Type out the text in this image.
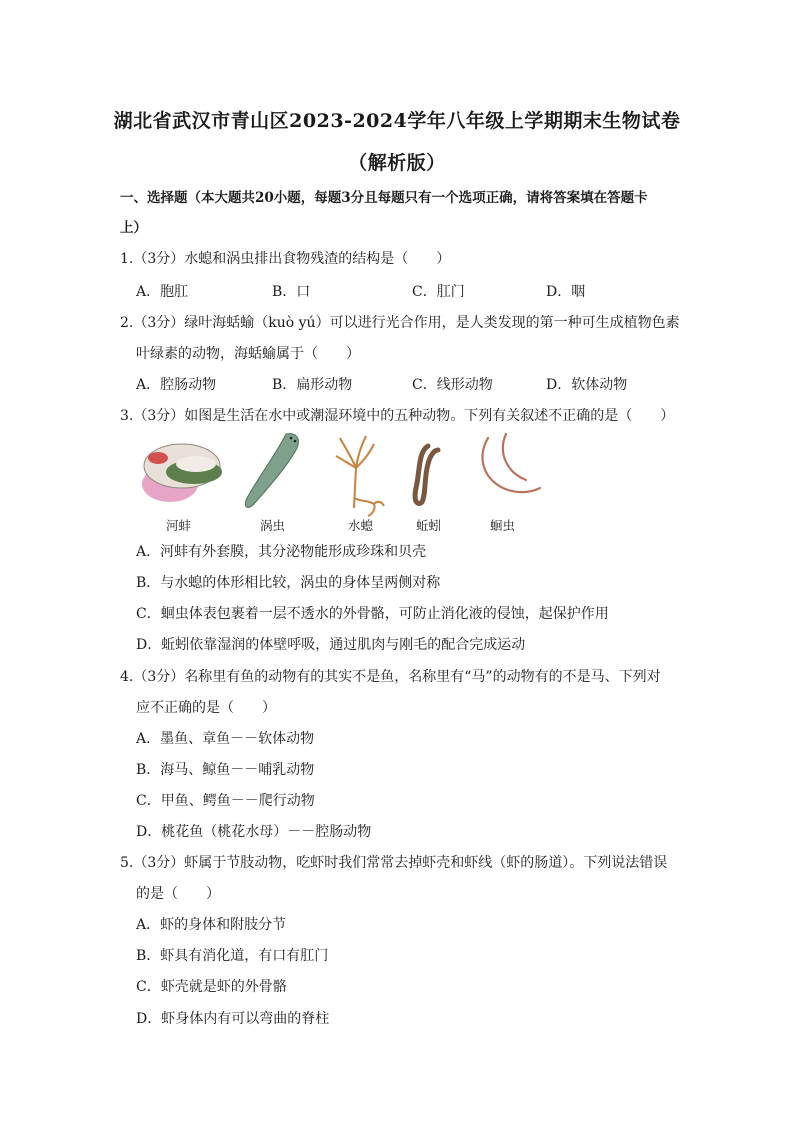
湖北省武汉市青山区2023-2024学年八年级上学期期末生物试卷
（解析版）
一、选择题（本大题共20小题，每题3分且每题只有一个选项正确，请将答案填在答题卡
上）
1.（3分）水螅和涡虫排出食物残渣的结构是（　　）
A．胞肛	B．口	C．肛门	D．咽
2.（3分）绿叶海蛞蝓（kuò yú）可以进行光合作用，是人类发现的第一种可生成植物色素
叶绿素的动物，海蛞蝓属于（　　）
A．腔肠动物	B．扁形动物	C．线形动物	D．软体动物
3.（3分）如图是生活在水中或潮湿环境中的五种动物。下列有关叙述不正确的是（　　）
河蚌	涡虫	水螅	蚯蚓	蛔虫
A．河蚌有外套膜，其分泌物能形成珍珠和贝壳
B．与水螅的体形相比较，涡虫的身体呈两侧对称
C．蛔虫体表包裹着一层不透水的外骨骼，可防止消化液的侵蚀，起保护作用
D．蚯蚓依靠湿润的体壁呼吸，通过肌肉与刚毛的配合完成运动
4.（3分）名称里有鱼的动物有的其实不是鱼，名称里有“马”的动物有的不是马、下列对
应不正确的是（　　）
A．墨鱼、章鱼－－软体动物
B．海马、鲸鱼－－哺乳动物
C．甲鱼、鳄鱼－－爬行动物
D．桃花鱼（桃花水母）－－腔肠动物
5.（3分）虾属于节肢动物，吃虾时我们常常去掉虾壳和虾线（虾的肠道）。下列说法错误
的是（　　）
A．虾的身体和附肢分节
B．虾具有消化道，有口有肛门
C．虾壳就是虾的外骨骼
D．虾身体内有可以弯曲的脊柱
